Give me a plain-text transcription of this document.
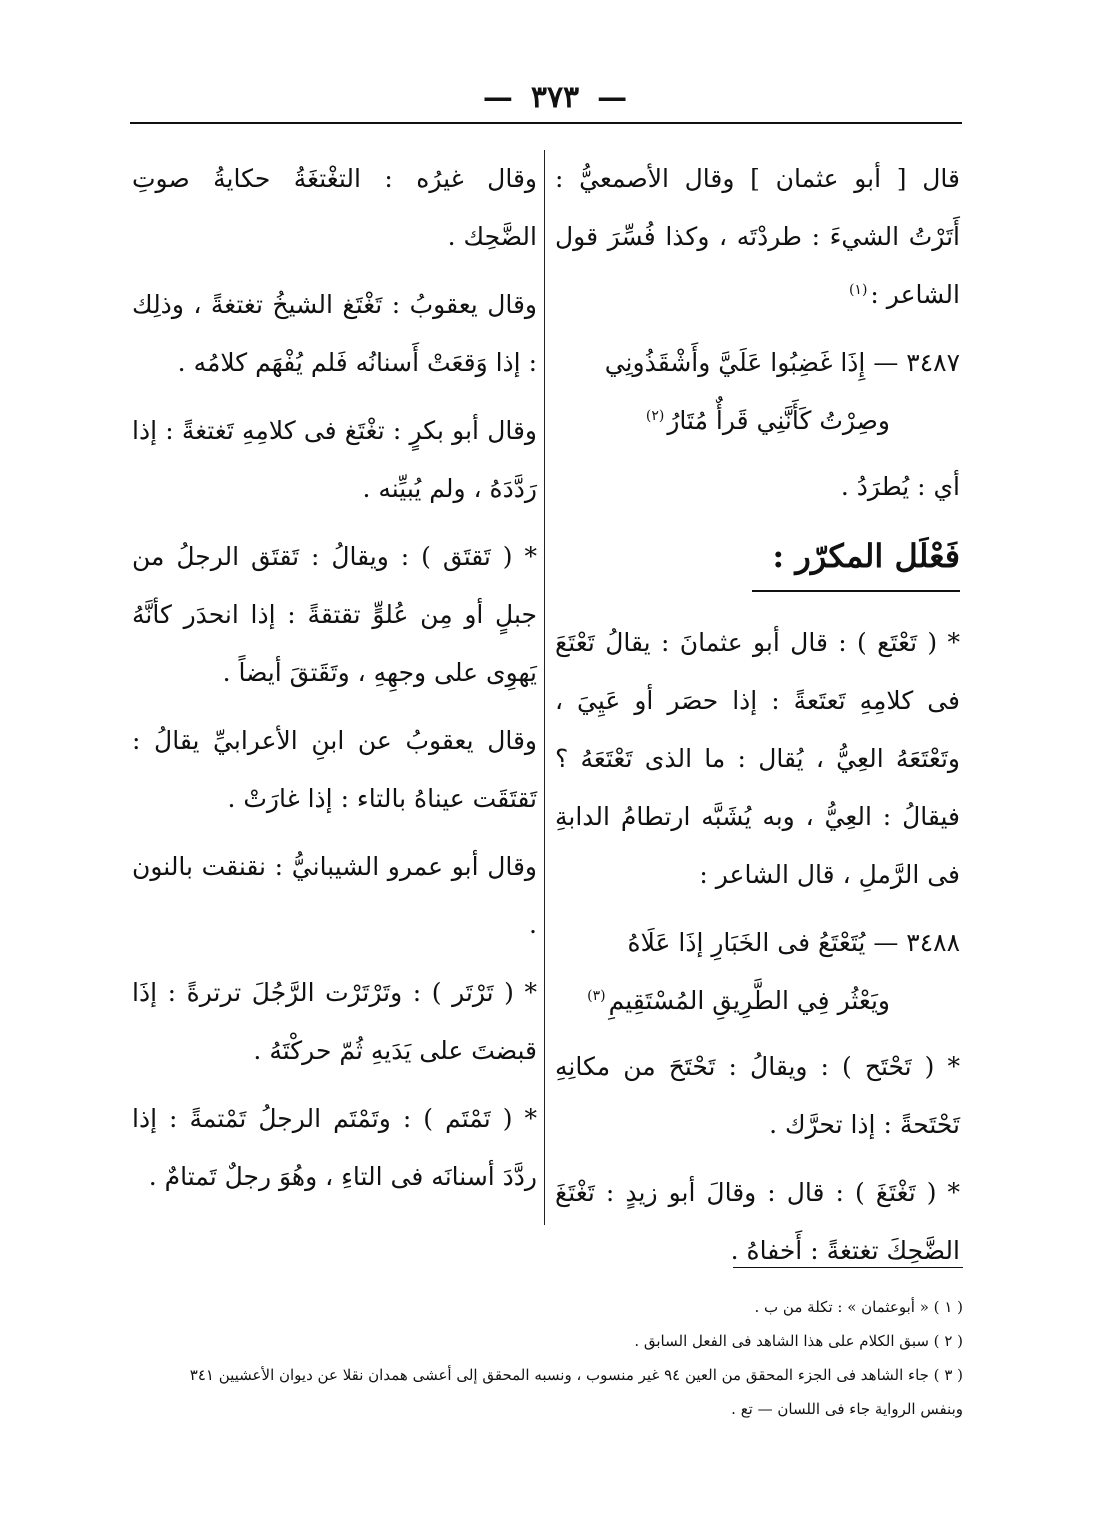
—٣٧٣—

قال [ أبو عثمان ] وقال الأصمعيُّ : أَتَرْتُ الشيءَ : طردْتَه ، وكذا فُسِّرَ قول الشاعر :$^{(١)}$

٣٤٨٧ — إِذَا غَضِبُوا عَلَيَّ وأَشْقَذُونِي
وصِرْتُ كَأَنَّنِي قَرأٌ مُتَارُ$^{(٢)}$

أي : يُطرَدُ .

فَعْلَل المكرّر :

* ( تَعْتَع ) : قال أبو عثمانَ : يقالُ تَعْتَعَ فى كلامِهِ تَعتَعةً : إذا حصَر أو عَيِيَ ، وتَعْتَعَهُ العِيُّ ، يُقال : ما الذى تَعْتَعَهُ ؟ فيقالُ : العِيُّ ، وبه يُشَبَّه ارتطامُ الدابةِ فى الرَّملِ ، قال الشاعر :

٣٤٨٨ — يُتَعْتَعُ فى الخَبَارِ إذَا عَلَاهُ
ويَعْثُر فِي الطَّرِيقِ المُسْتَقِيمِ$^{(٣)}$

* ( تَحْتَح ) : ويقالُ : تَحْتَحَ من مكانِهِ تَحْتَحةً : إذا تحرَّك .

* ( تَغْتَغَ ) : قال : وقالَ أبو زيدٍ : تَغْتَغَ الضَّحِكَ تغتغةً : أَخفاهُ .

وقال غيرُه : التغْتغَةُ حكايةُ صوتِ الضَّحِك .

وقال يعقوبُ : تَغْتَغ الشيخُ تغتغةً ، وذلِك : إذا وَقعَتْ أَسنانُه فَلم يُفْهَم كلامُه .

وقال أبو بكرٍ : تغْتَغ فى كلامِهِ تَغتغةً : إذا رَدَّدَهُ ، ولم يُبيِّنه .

* ( تَقتَق ) : ويقالُ : تَقتَق الرجلُ من جبلٍ أو مِن عُلوٍّ تقتقةً : إذا انحدَر كأنَّهُ يَهوِى على وجهِهِ ، وتَقَتقَ أيضاً .

وقال يعقوبُ عن ابنِ الأعرابيِّ يقالُ : تَقتَقَت عيناهُ بالتاء : إذا غارَتْ .

وقال أبو عمرو الشيبانيُّ : نقنقت بالنون .

* ( تَرْتَر ) : وتَرْتَرْت الرَّجُلَ ترترةً : إذَا قبضتَ على يَدَيهِ ثُمّ حركْتَهُ .

* ( تَمْتَم ) : وتَمْتَم الرجلُ تَمْتمةً : إذا ردَّدَ أسنانَه فى التاءِ ، وهُوَ رجلٌ تَمتامٌ .

( ١ ) « أبوعثمان » : تكلة من ب .
( ٢ ) سبق الكلام على هذا الشاهد فى الفعل السابق .
( ٣ ) جاء الشاهد فى الجزء المحقق من العين ٩٤ غير منسوب ، ونسبه المحقق إلى أعشى همدان نقلا عن ديوان الأعشيين ٣٤١
وبنفس الرواية جاء فى اللسان — تع .
